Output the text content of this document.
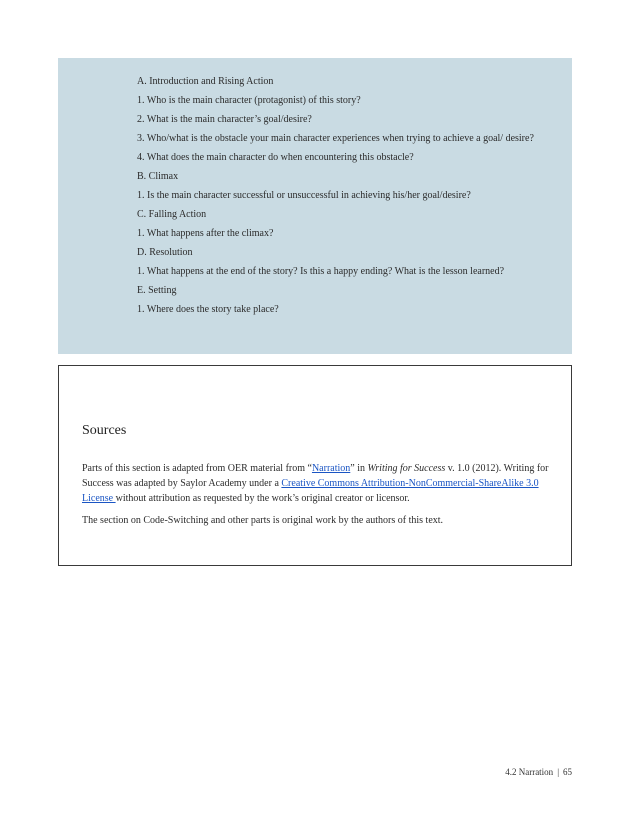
A. Introduction and Rising Action

1. Who is the main character (protagonist) of this story?

2. What is the main character’s goal/desire?

3. Who/what is the obstacle your main character experiences when trying to achieve a goal/ desire?

4. What does the main character do when encountering this obstacle?

B. Climax

1. Is the main character successful or unsuccessful in achieving his/her goal/desire?

C. Falling Action

1. What happens after the climax?

D. Resolution

1. What happens at the end of the story? Is this a happy ending? What is the lesson learned?

E. Setting

1. Where does the story take place?

Sources

Parts of this section is adapted from OER material from “Narration” in Writing for Success v. 1.0 (2012). Writing for Success was adapted by Saylor Academy under a Creative Commons Attribution-NonCommercial-ShareAlike 3.0 License without attribution as requested by the work’s original creator or licensor.

The section on Code-Switching and other parts is original work by the authors of this text.

4.2 Narration | 65
